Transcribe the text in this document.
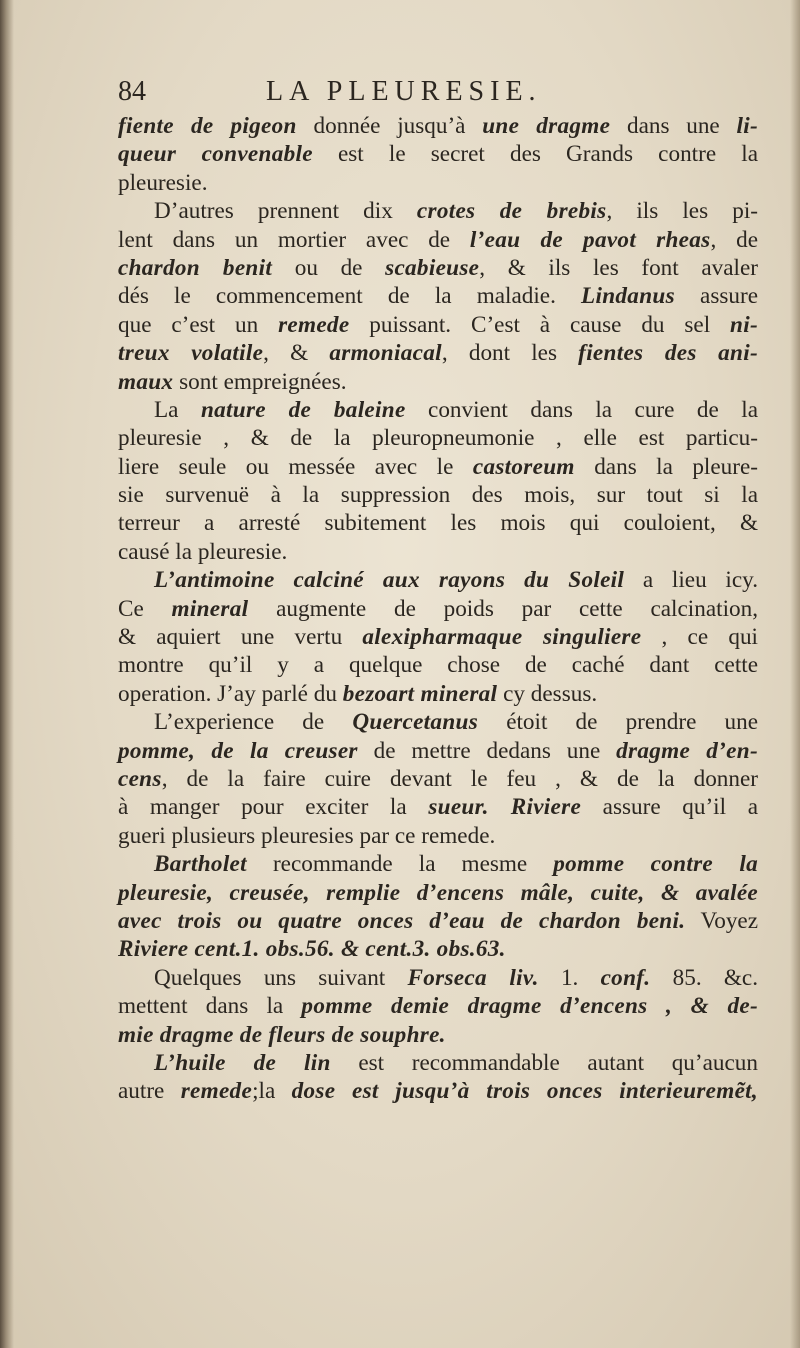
84	LA PLEURESIE.
fiente de pigeon donnée jusqu’à une dragme dans une li-
queur convenable est le secret des Grands contre la
pleuresie.
D’autres prennent dix crotes de brebis, ils les pi-
lent dans un mortier avec de l’eau de pavot rheas, de
chardon benit ou de scabieuse, & ils les font avaler
dés le commencement de la maladie. Lindanus assure
que c’est un remede puissant. C’est à cause du sel ni-
treux volatile, & armoniacal, dont les fientes des ani-
maux sont empreignées.
La nature de baleine convient dans la cure de la
pleuresie , & de la pleuropneumonie , elle est particu-
liere seule ou messée avec le castoreum dans la pleure-
sie survenuë à la suppression des mois, sur tout si la
terreur a arresté subitement les mois qui couloient, &
causé la pleuresie.
L’antimoine calciné aux rayons du Soleil a lieu icy.
Ce mineral augmente de poids par cette calcination,
& aquiert une vertu alexipharmaque singuliere , ce qui
montre qu’il y a quelque chose de caché dant cette
operation. J’ay parlé du bezoart mineral cy dessus.
L’experience de Quercetanus étoit de prendre une
pomme, de la creuser de mettre dedans une dragme d’en-
cens, de la faire cuire devant le feu , & de la donner
à manger pour exciter la sueur. Riviere assure qu’il a
gueri plusieurs pleuresies par ce remede.
Bartholet recommande la mesme pomme contre la
pleuresie, creusée, remplie d’encens mâle, cuite, & avalée
avec trois ou quatre onces d’eau de chardon beni. Voyez
Riviere cent.1. obs.56. & cent.3. obs.63.
Quelques uns suivant Forseca liv. 1. conf. 85. &c.
mettent dans la pomme demie dragme d’encens , & de-
mie dragme de fleurs de souphre.
L’huile de lin est recommandable autant qu’aucun
autre remede;la dose est jusqu’à trois onces interieuremẽt,
